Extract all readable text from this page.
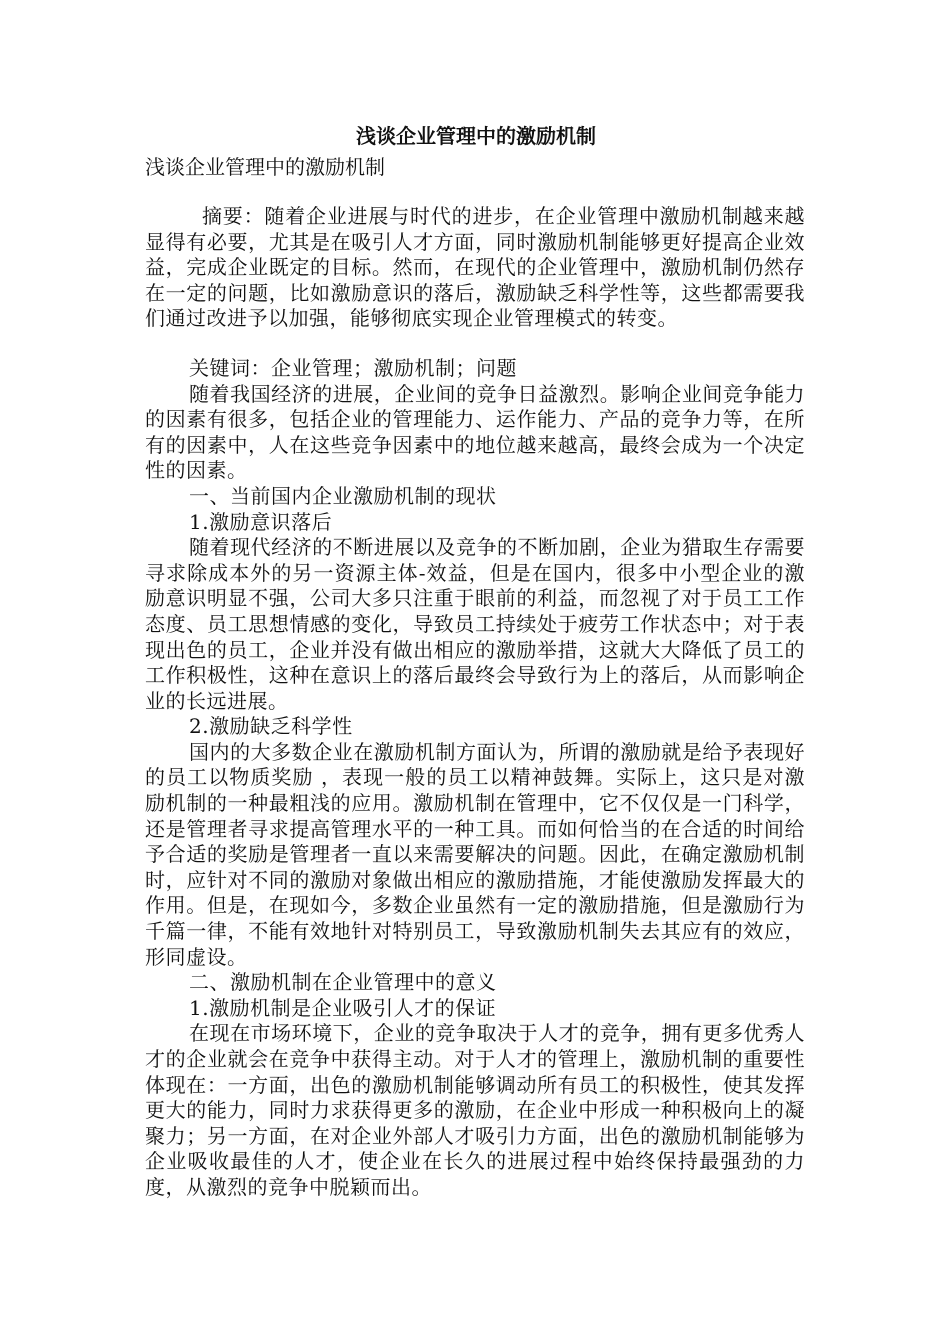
浅谈企业管理中的激励机制

浅谈企业管理中的激励机制

摘要：随着企业进展与时代的进步，在企业管理中激励机制越来越显得有必要，尤其是在吸引人才方面，同时激励机制能够更好提高企业效益，完成企业既定的目标。然而，在现代的企业管理中，激励机制仍然存在一定的问题，比如激励意识的落后，激励缺乏科学性等，这些都需要我们通过改进予以加强，能够彻底实现企业管理模式的转变。

关键词：企业管理；激励机制；问题

随着我国经济的进展，企业间的竞争日益激烈。影响企业间竞争能力的因素有很多，包括企业的管理能力、运作能力、产品的竞争力等，在所有的因素中，人在这些竞争因素中的地位越来越高，最终会成为一个决定性的因素。

一、当前国内企业激励机制的现状

1.激励意识落后

随着现代经济的不断进展以及竞争的不断加剧，企业为猎取生存需要寻求除成本外的另一资源主体-效益，但是在国内，很多中小型企业的激励意识明显不强，公司大多只注重于眼前的利益，而忽视了对于员工工作态度、员工思想情感的变化，导致员工持续处于疲劳工作状态中；对于表现出色的员工，企业并没有做出相应的激励举措，这就大大降低了员工的工作积极性，这种在意识上的落后最终会导致行为上的落后，从而影响企业的长远进展。

2.激励缺乏科学性

国内的大多数企业在激励机制方面认为，所谓的激励就是给予表现好的员工以物质奖励 ，表现一般的员工以精神鼓舞。实际上，这只是对激励机制的一种最粗浅的应用。激励机制在管理中，它不仅仅是一门科学，还是管理者寻求提高管理水平的一种工具。而如何恰当的在合适的时间给予合适的奖励是管理者一直以来需要解决的问题。因此，在确定激励机制时，应针对不同的激励对象做出相应的激励措施，才能使激励发挥最大的作用。但是，在现如今，多数企业虽然有一定的激励措施，但是激励行为千篇一律，不能有效地针对特别员工，导致激励机制失去其应有的效应，形同虚设。

二、激励机制在企业管理中的意义

1.激励机制是企业吸引人才的保证

在现在市场环境下，企业的竞争取决于人才的竞争，拥有更多优秀人才的企业就会在竞争中获得主动。对于人才的管理上，激励机制的重要性体现在：一方面，出色的激励机制能够调动所有员工的积极性，使其发挥更大的能力，同时力求获得更多的激励，在企业中形成一种积极向上的凝聚力；另一方面，在对企业外部人才吸引力方面，出色的激励机制能够为企业吸收最佳的人才，使企业在长久的进展过程中始终保持最强劲的力度，从激烈的竞争中脱颖而出。
